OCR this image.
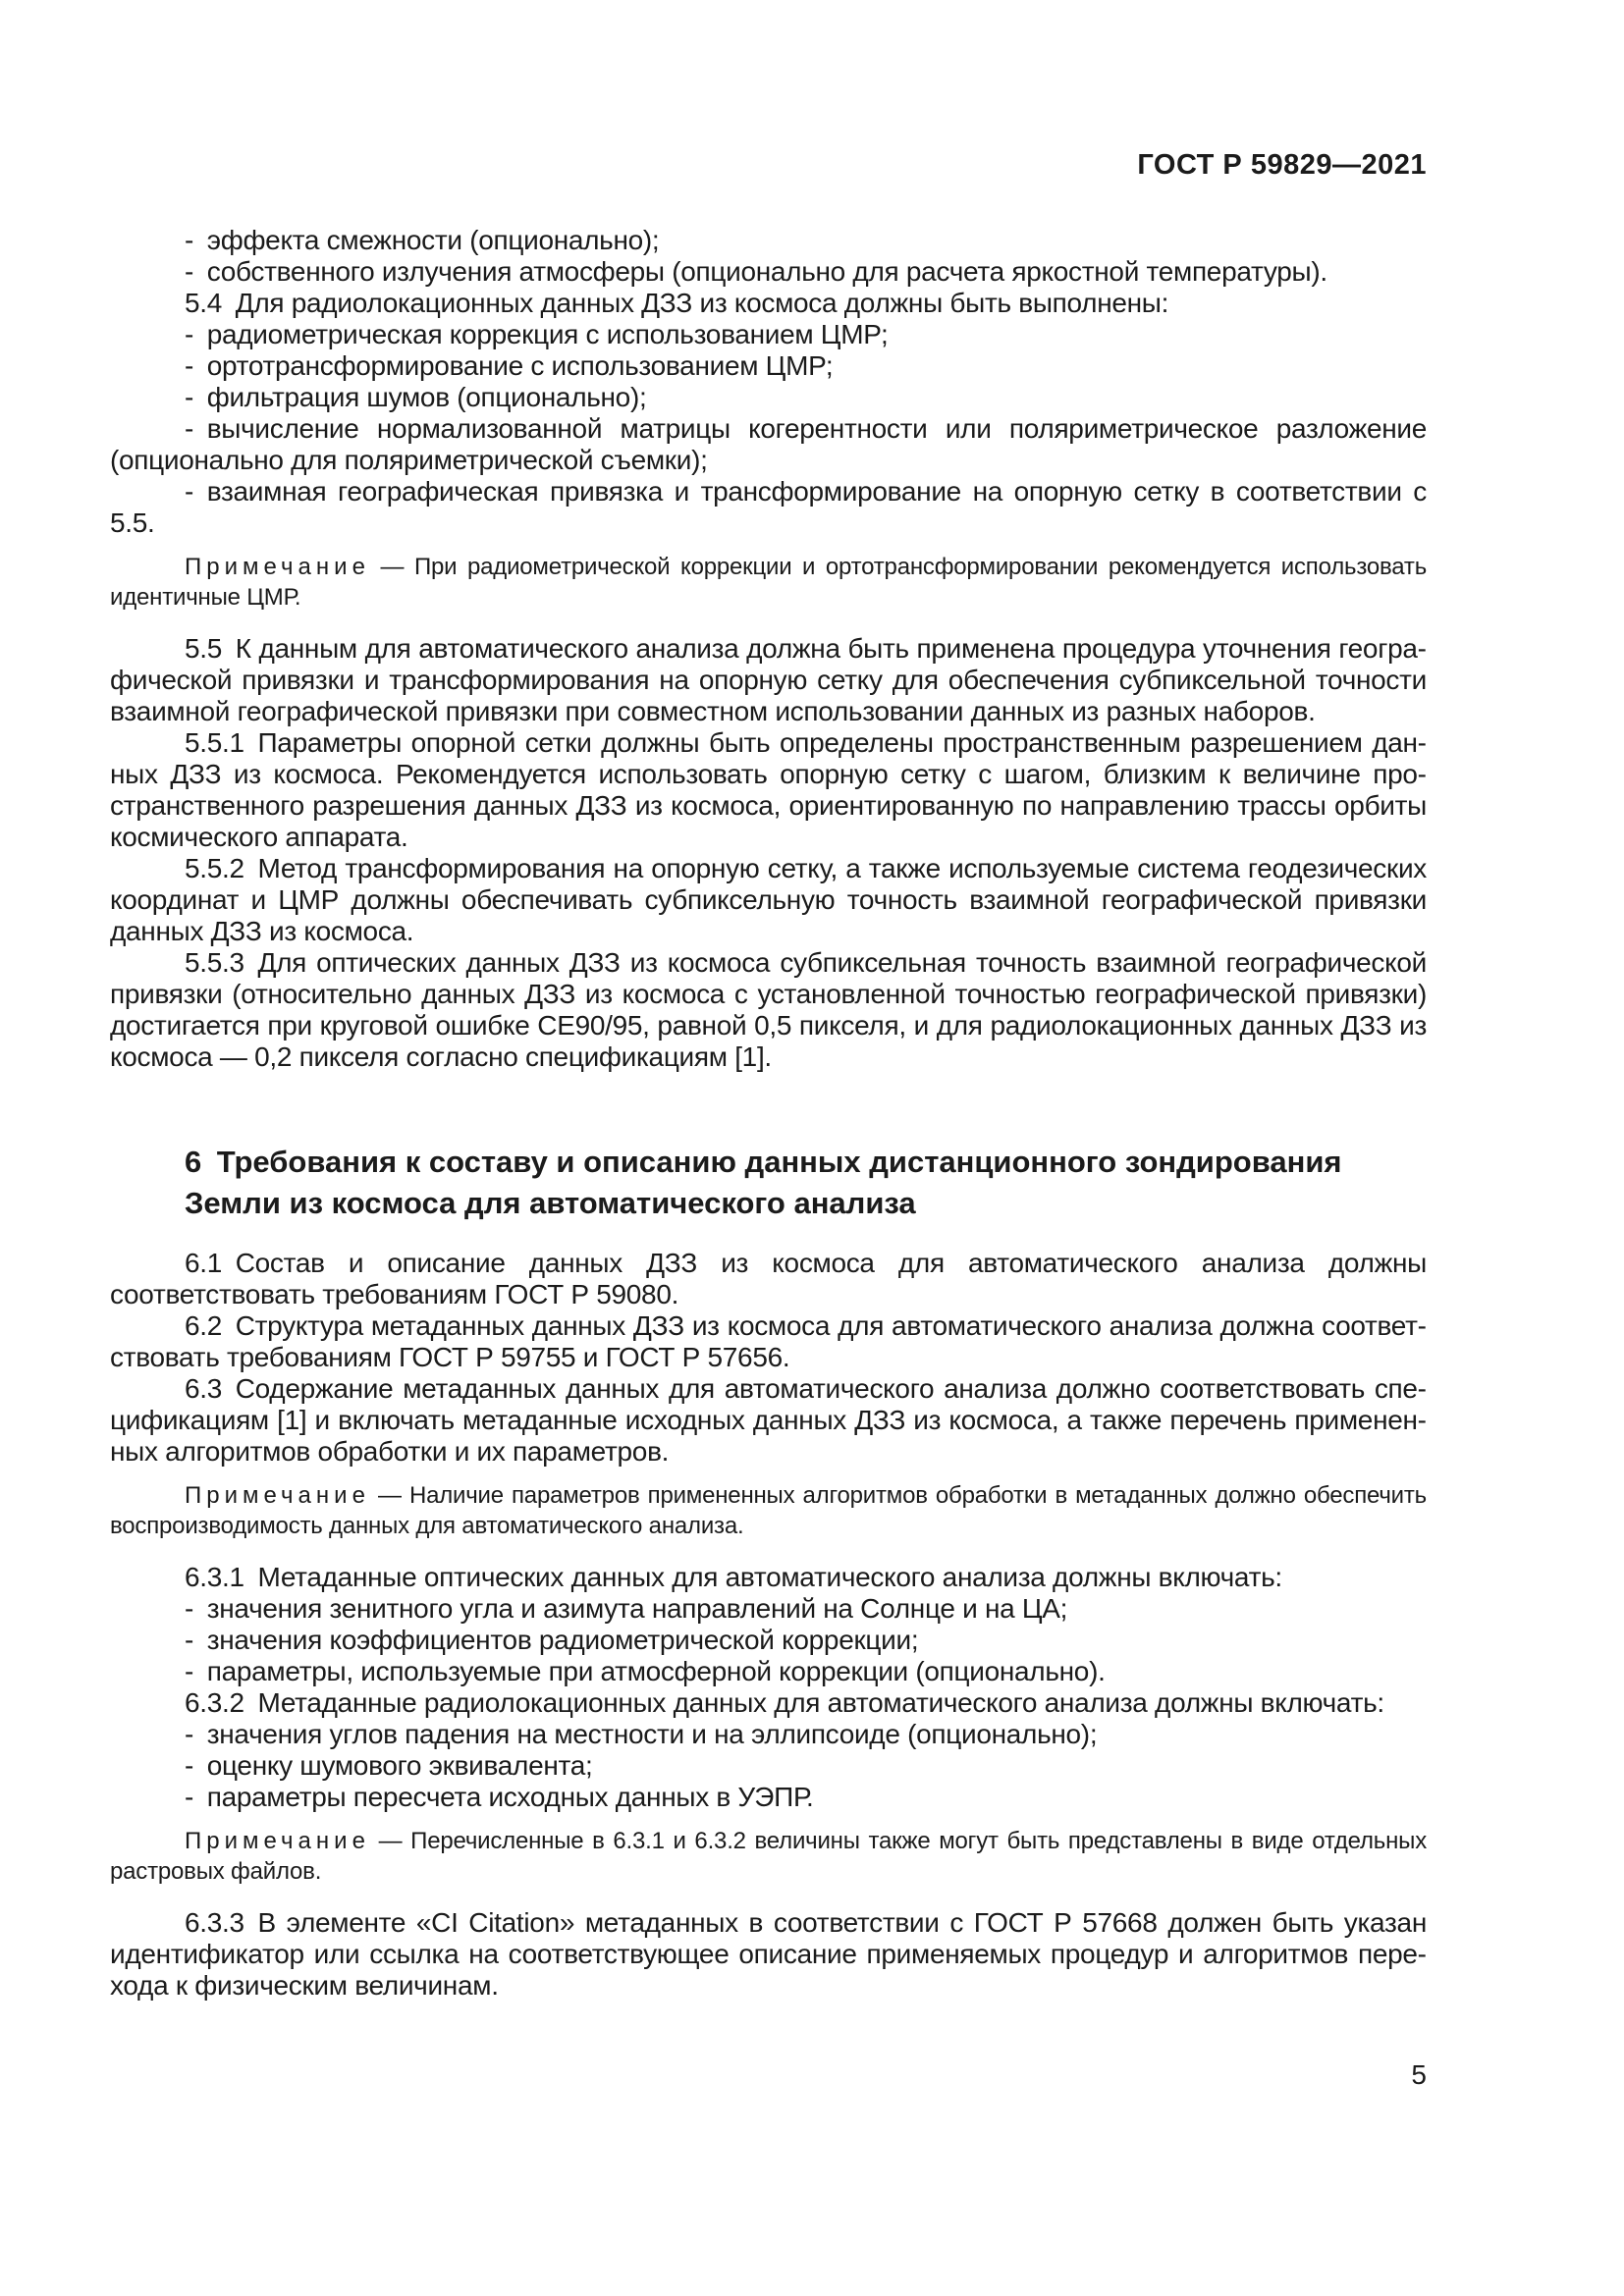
ГОСТ Р 59829—2021

- эффекта смежности (опционально);

- собственного излучения атмосферы (опционально для расчета яркостной температуры).

5.4 Для радиолокационных данных ДЗЗ из космоса должны быть выполнены:

- радиометрическая коррекция с использованием ЦМР;

- ортотрансформирование с использованием ЦМР;

- фильтрация шумов (опционально);

- вычисление нормализованной матрицы когерентности или поляриметрическое разложение (опционально для поляриметрической съемки);

- взаимная географическая привязка и трансформирование на опорную сетку в соответствии с 5.5.

Примечание — При радиометрической коррекции и ортотрансформировании рекомендуется использовать идентичные ЦМР.

5.5 К данным для автоматического анализа должна быть применена процедура уточнения географической привязки и трансформирования на опорную сетку для обеспечения субпиксельной точности взаимной географической привязки при совместном использовании данных из разных наборов.

5.5.1 Параметры опорной сетки должны быть определены пространственным разрешением данных ДЗЗ из космоса. Рекомендуется использовать опорную сетку с шагом, близким к величине пространственного разрешения данных ДЗЗ из космоса, ориентированную по направлению трассы орбиты космического аппарата.

5.5.2 Метод трансформирования на опорную сетку, а также используемые система геодезических координат и ЦМР должны обеспечивать субпиксельную точность взаимной географической привязки данных ДЗЗ из космоса.

5.5.3 Для оптических данных ДЗЗ из космоса субпиксельная точность взаимной географической привязки (относительно данных ДЗЗ из космоса с установленной точностью географической привязки) достигается при круговой ошибке CE90/95, равной 0,5 пикселя, и для радиолокационных данных ДЗЗ из космоса — 0,2 пикселя согласно спецификациям [1].

6 Требования к составу и описанию данных дистанционного зондирования Земли из космоса для автоматического анализа

6.1 Состав и описание данных ДЗЗ из космоса для автоматического анализа должны соответствовать требованиям ГОСТ Р 59080.

6.2 Структура метаданных данных ДЗЗ из космоса для автоматического анализа должна соответствовать требованиям ГОСТ Р 59755 и ГОСТ Р 57656.

6.3 Содержание метаданных данных для автоматического анализа должно соответствовать спецификациям [1] и включать метаданные исходных данных ДЗЗ из космоса, а также перечень примененных алгоритмов обработки и их параметров.

Примечание — Наличие параметров примененных алгоритмов обработки в метаданных должно обеспечить воспроизводимость данных для автоматического анализа.

6.3.1 Метаданные оптических данных для автоматического анализа должны включать:

- значения зенитного угла и азимута направлений на Солнце и на ЦА;

- значения коэффициентов радиометрической коррекции;

- параметры, используемые при атмосферной коррекции (опционально).

6.3.2 Метаданные радиолокационных данных для автоматического анализа должны включать:

- значения углов падения на местности и на эллипсоиде (опционально);

- оценку шумового эквивалента;

- параметры пересчета исходных данных в УЭПР.

Примечание — Перечисленные в 6.3.1 и 6.3.2 величины также могут быть представлены в виде отдельных растровых файлов.

6.3.3 В элементе «CI Citation» метаданных в соответствии с ГОСТ Р 57668 должен быть указан идентификатор или ссылка на соответствующее описание применяемых процедур и алгоритмов перехода к физическим величинам.

5
